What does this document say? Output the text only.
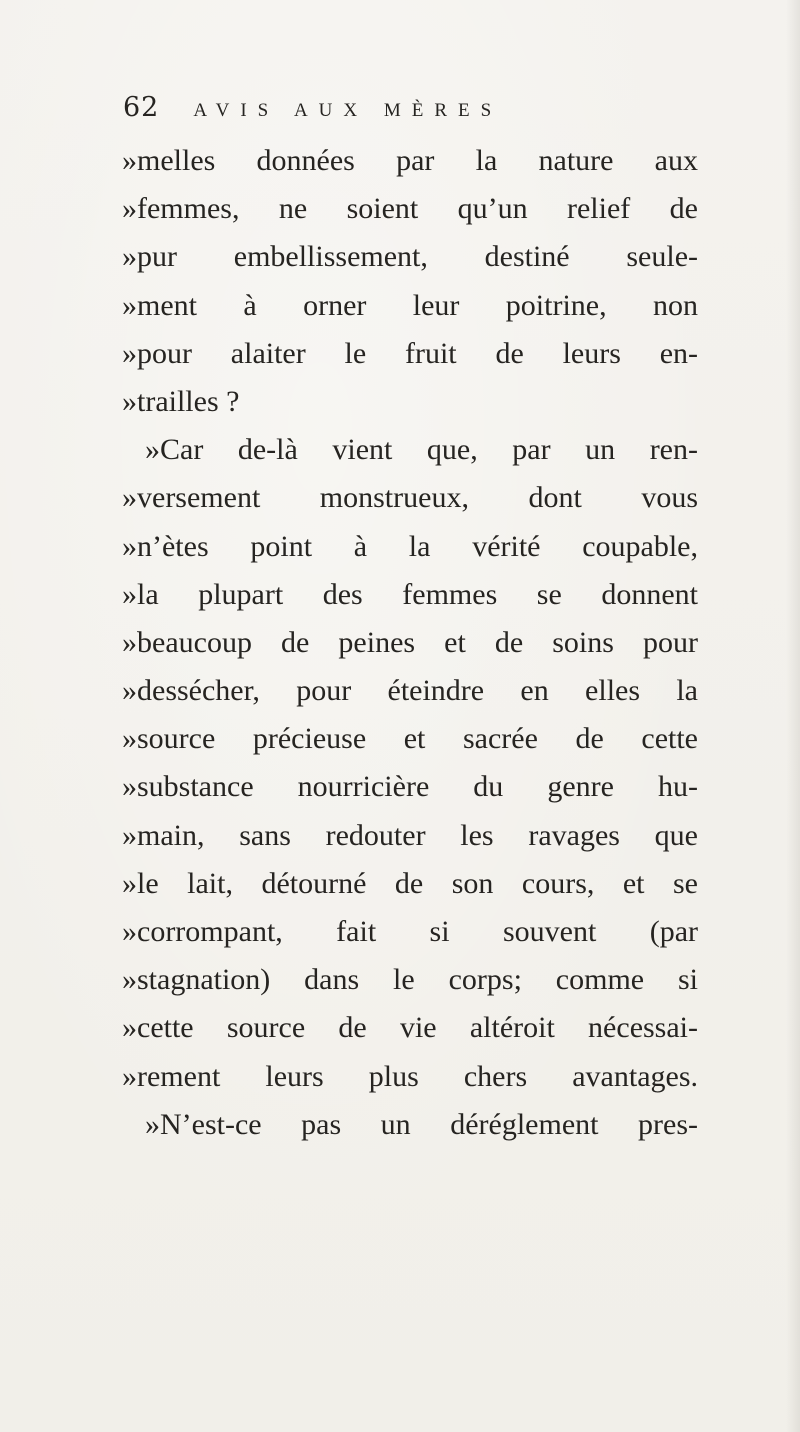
62 AVIS AUX MÈRES
»melles données par la nature aux
»femmes, ne soient qu’un relief de
»pur embellissement, destiné seule-
»ment à orner leur poitrine, non
»pour alaiter le fruit de leurs en-
»trailles ?
»Car de-là vient que, par un ren-
»versement monstrueux, dont vous
»n’ètes point à la vérité coupable,
»la plupart des femmes se donnent
»beaucoup de peines et de soins pour
»dessécher, pour éteindre en elles la
»source précieuse et sacrée de cette
»substance nourricière du genre hu-
»main, sans redouter les ravages que
»le lait, détourné de son cours, et se
»corrompant, fait si souvent (par
»stagnation) dans le corps; comme si
»cette source de vie altéroit nécessai-
»rement leurs plus chers avantages.
»N’est-ce pas un déréglement pres-
